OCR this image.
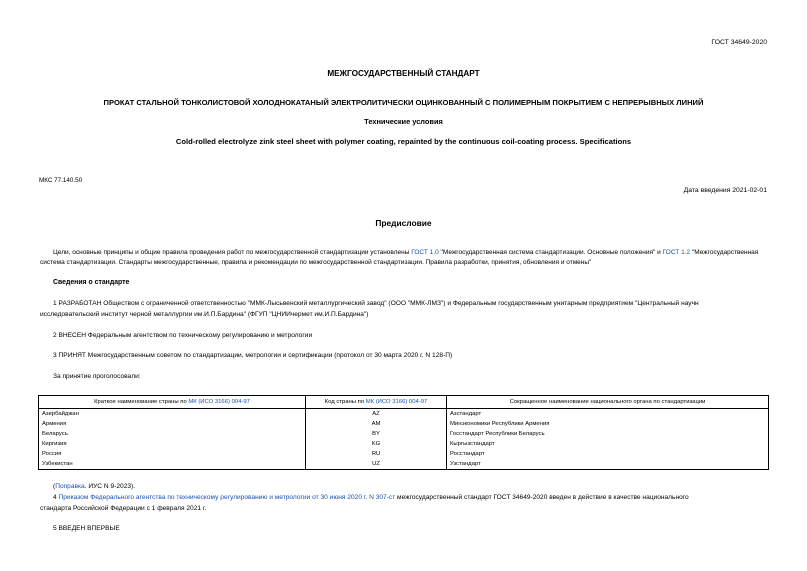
ГОСТ 34649-2020
МЕЖГОСУДАРСТВЕННЫЙ СТАНДАРТ
ПРОКАТ СТАЛЬНОЙ ТОНКОЛИСТОВОЙ ХОЛОДНОКАТАНЫЙ ЭЛЕКТРОЛИТИЧЕСКИ ОЦИНКОВАННЫЙ С ПОЛИМЕРНЫМ ПОКРЫТИЕМ С НЕПРЕРЫВНЫХ ЛИНИЙ
Технические условия
Cold-rolled electrolyze zink steel sheet with polymer coating, repainted by the continuous coil-coating process. Specifications
МКС 77.140.50
Дата введения 2021-02-01
Предисловие
Цели, основные принципы и общие правила проведения работ по межгосударственной стандартизации установлены ГОСТ 1.0 "Межгосударственная система стандартизации. Основные положения" и ГОСТ 1.2 "Межгосударственная система стандартизации. Стандарты межгосударственные, правила и рекомендации по межгосударственной стандартизации. Правила разработки, принятия, обновления и отмены"
Сведения о стандарте
1 РАЗРАБОТАН Обществом с ограниченной ответственностью "ММК-Лысьвенский металлургический завод" (ООО "ММК-ЛМЗ") и Федеральным государственным унитарным предприятием "Центральный научн
исследовательский институт черной металлургии им.И.П.Бардина" (ФГУП "ЦНИИчермет им.И.П.Бардина")
2 ВНЕСЕН Федеральным агентством по техническому регулированию и метрологии
3 ПРИНЯТ Межгосударственным советом по стандартизации, метрологии и сертификации (протокол от 30 марта 2020 г. N 128-П)
За принятие проголосовали:
Краткое наименование страны по МК (ИСО 3166) 004-97	Код страны по МК (ИСО 3166) 004-97	Сокращенное наименование национального органа по стандартизации
Азербайджан	AZ	Азстандарт
Армения	AM	Минэкономики Республики Армения
Беларусь	BY	Госстандарт Республики Беларусь
Киргизия	KG	Кыргызстандарт
Россия	RU	Росстандарт
Узбекистан	UZ	Узстандарт
(Поправка. ИУС N 9-2023).
4 Приказом Федерального агентства по техническому регулированию и метрологии от 30 июня 2020 г. N 307-ст межгосударственный стандарт ГОСТ 34649-2020 введен в действие в качестве национального
стандарта Российской Федерации с 1 февраля 2021 г.
5 ВВЕДЕН ВПЕРВЫЕ
